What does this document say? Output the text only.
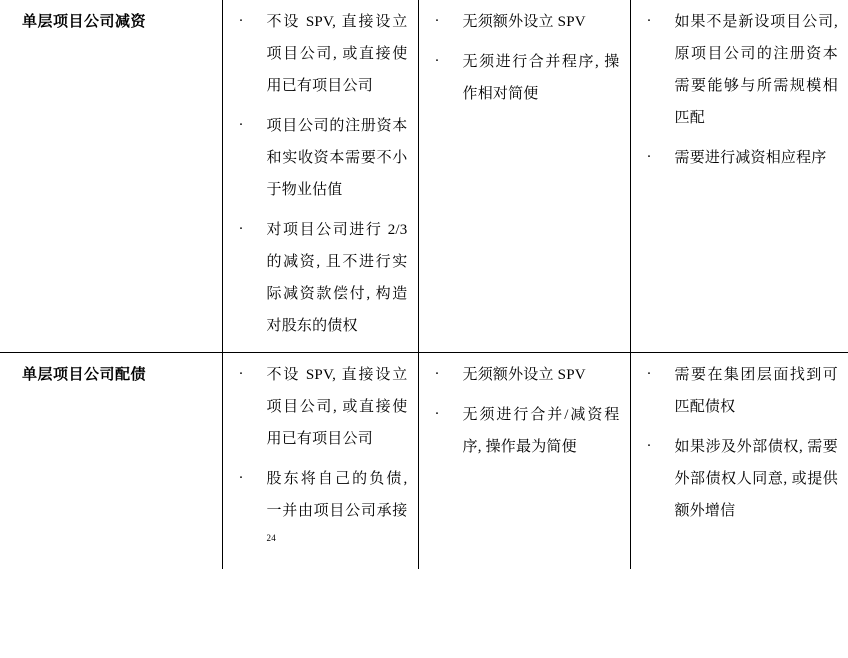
单层项目公司减资

·不设 SPV, 直接设立项目公司, 或直接使用已有项目公司
· 项目公司的注册资本和实收资本需要不小于物业估值
· 对项目公司进行 2/3 的减资, 且不进行实际减资款偿付, 构造对股东的债权

· 无须额外设立 SPV
· 无须进行合并程序, 操作相对简便

· 如果不是新设项目公司, 原项目公司的注册资本需要能够与所需规模相匹配
· 需要进行减资相应程序

单层项目公司配债

·不设 SPV, 直接设立项目公司, 或直接使用已有项目公司
· 股东将自己的负债, 一并由项目公司承接$^{24}$

· 无须额外设立 SPV
· 无须进行合并/减资程序, 操作最为简便

· 需要在集团层面找到可匹配债权
· 如果涉及外部债权, 需要外部债权人同意, 或提供额外增信
